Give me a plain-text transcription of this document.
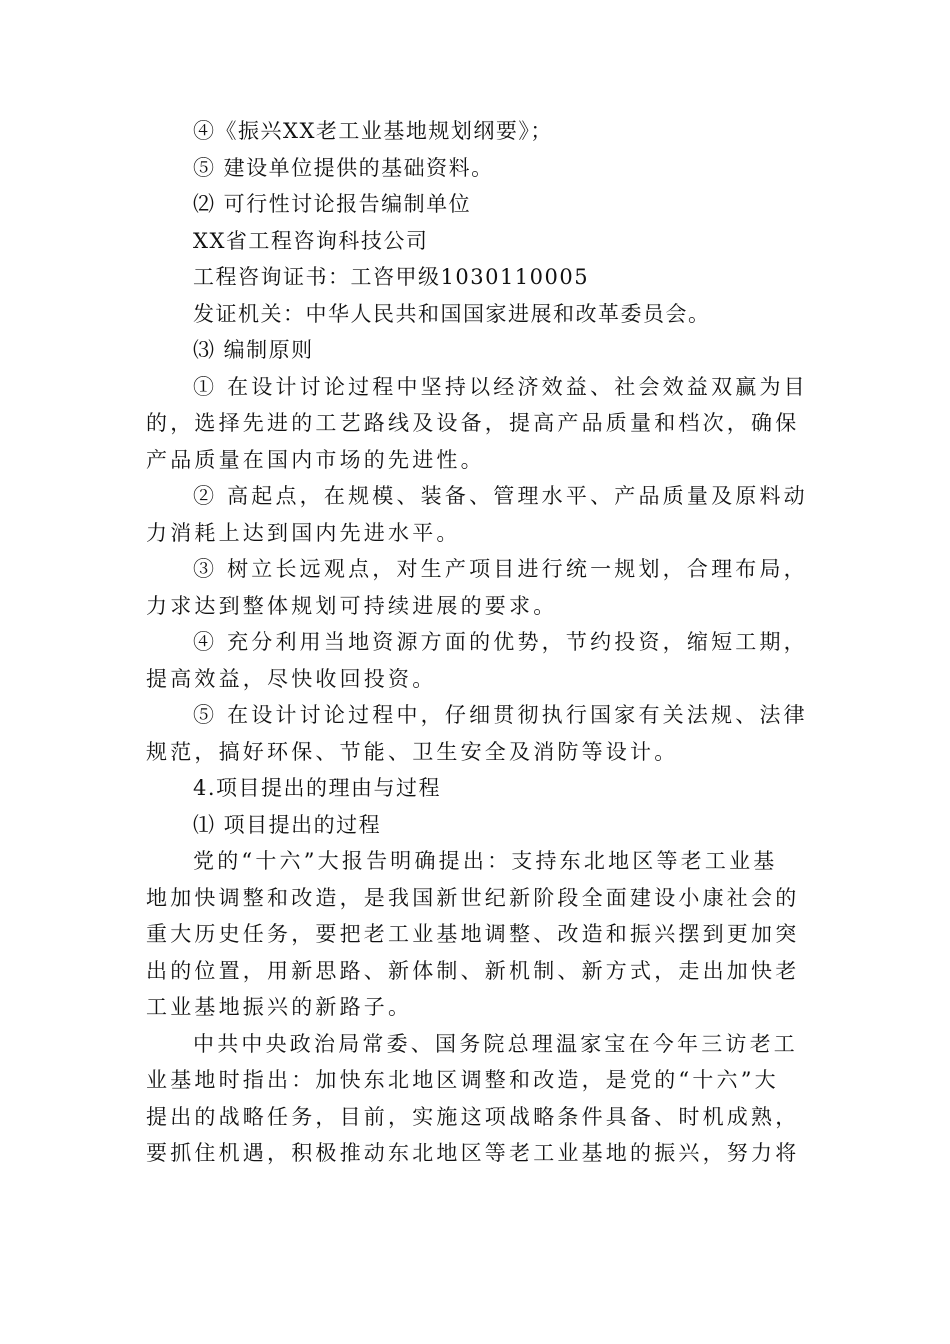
④《振兴XX老工业基地规划纲要》；
⑤ 建设单位提供的基础资料。
⑵ 可行性讨论报告编制单位
XX省工程咨询科技公司
工程咨询证书：工咨甲级1030110005
发证机关：中华人民共和国国家进展和改革委员会。
⑶ 编制原则
① 在设计讨论过程中坚持以经济效益、社会效益双赢为目
的，选择先进的工艺路线及设备，提高产品质量和档次，确保
产品质量在国内市场的先进性。
② 高起点，在规模、装备、管理水平、产品质量及原料动
力消耗上达到国内先进水平。
③ 树立长远观点，对生产项目进行统一规划，合理布局，
力求达到整体规划可持续进展的要求。
④ 充分利用当地资源方面的优势，节约投资，缩短工期，
提高效益，尽快收回投资。
⑤ 在设计讨论过程中，仔细贯彻执行国家有关法规、法律
规范，搞好环保、节能、卫生安全及消防等设计。
4.项目提出的理由与过程
⑴ 项目提出的过程
党的“十六”大报告明确提出：支持东北地区等老工业基
地加快调整和改造，是我国新世纪新阶段全面建设小康社会的
重大历史任务，要把老工业基地调整、改造和振兴摆到更加突
出的位置，用新思路、新体制、新机制、新方式，走出加快老
工业基地振兴的新路子。
中共中央政治局常委、国务院总理温家宝在今年三访老工
业基地时指出：加快东北地区调整和改造，是党的“十六”大
提出的战略任务，目前，实施这项战略条件具备、时机成熟，
要抓住机遇，积极推动东北地区等老工业基地的振兴，努力将
